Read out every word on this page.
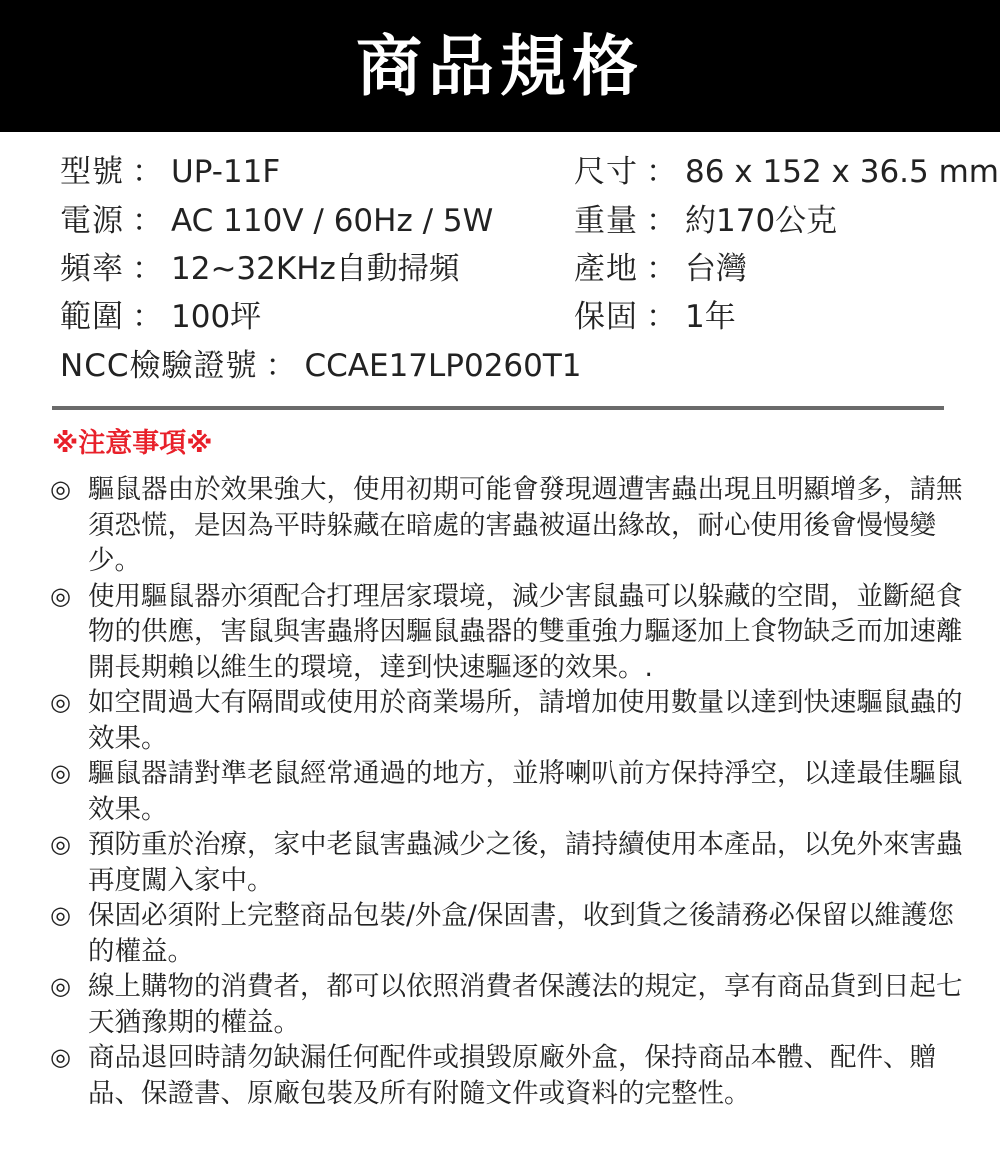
商品規格
型號 ： UP-11F
電源 ： AC 110V / 60Hz / 5W
頻率 ： 12~32KHz自動掃頻
範圍 ： 100坪
NCC檢驗證號 ： CCAE17LP0260T1
尺寸 ： 86 x 152 x 36.5 mm
重量 ： 約170公克
產地 ： 台灣
保固 ： 1年
※注意事項※
◎ 驅鼠器由於效果強大，使用初期可能會發現週遭害蟲出現且明顯增多，請無須恐慌，是因為平時躲藏在暗處的害蟲被逼出緣故，耐心使用後會慢慢變少。
◎ 使用驅鼠器亦須配合打理居家環境，減少害鼠蟲可以躲藏的空間，並斷絕食物的供應，害鼠與害蟲將因驅鼠蟲器的雙重強力驅逐加上食物缺乏而加速離開長期賴以維生的環境，達到快速驅逐的效果。.
◎ 如空間過大有隔間或使用於商業場所，請增加使用數量以達到快速驅鼠蟲的效果。
◎ 驅鼠器請對準老鼠經常通過的地方，並將喇叭前方保持淨空，以達最佳驅鼠效果。
◎ 預防重於治療，家中老鼠害蟲減少之後，請持續使用本產品，以免外來害蟲再度闖入家中。
◎ 保固必須附上完整商品包裝/外盒/保固書，收到貨之後請務必保留以維護您的權益。
◎ 線上購物的消費者，都可以依照消費者保護法的規定，享有商品貨到日起七天猶豫期的權益。
◎ 商品退回時請勿缺漏任何配件或損毀原廠外盒，保持商品本體、配件、贈品、保證書、原廠包裝及所有附隨文件或資料的完整性。
